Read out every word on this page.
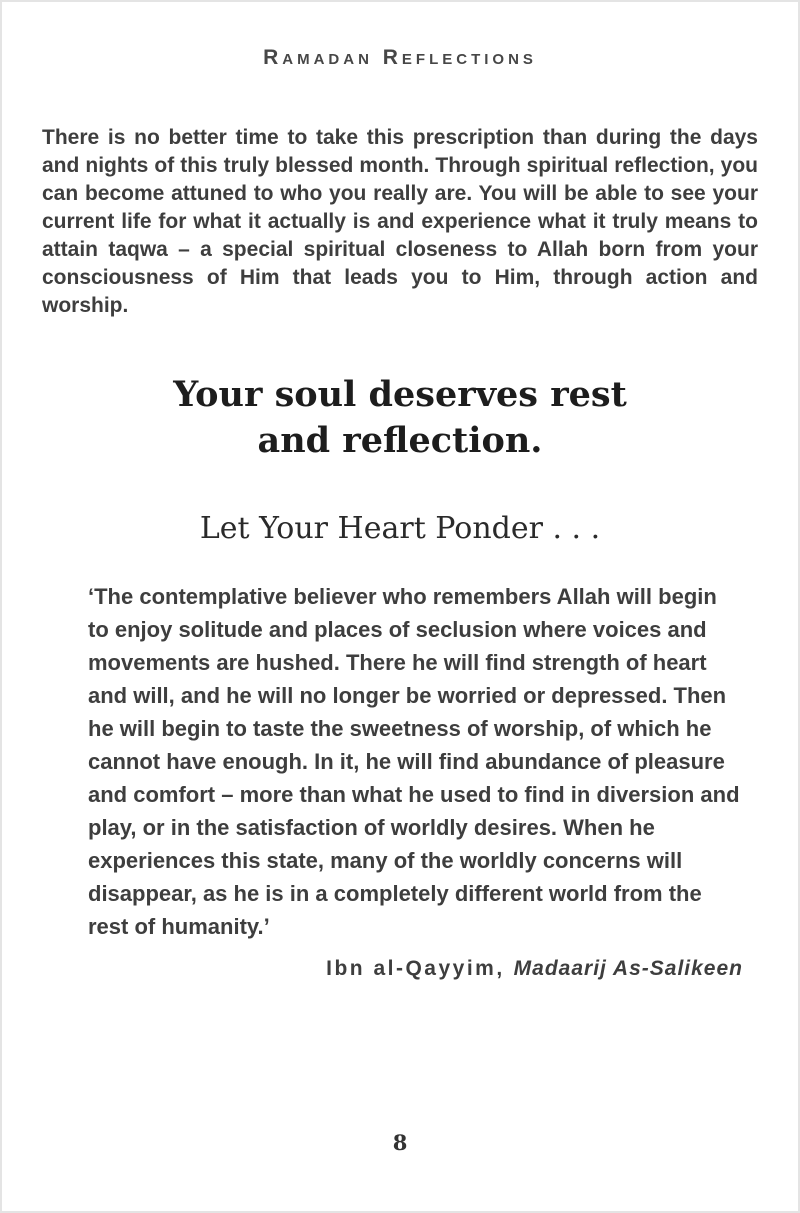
Ramadan Reflections

There is no better time to take this prescription than during the days and nights of this truly blessed month. Through spiritual reflection, you can become attuned to who you really are. You will be able to see your current life for what it actually is and experience what it truly means to attain taqwa – a special spiritual closeness to Allah born from your consciousness of Him that leads you to Him, through action and worship.

Your soul deserves rest
and reflection.
Let Your Heart Ponder . . .

‘The contemplative believer who remembers Allah will begin to enjoy solitude and places of seclusion where voices and movements are hushed. There he will find strength of heart and will, and he will no longer be worried or depressed. Then he will begin to taste the sweetness of worship, of which he cannot have enough. In it, he will find abundance of pleasure and comfort – more than what he used to find in diversion and play, or in the satisfaction of worldly desires. When he experiences this state, many of the worldly concerns will disappear, as he is in a completely different world from the rest of humanity.’

Ibn al-Qayyim, Madaarij As-Salikeen
8
